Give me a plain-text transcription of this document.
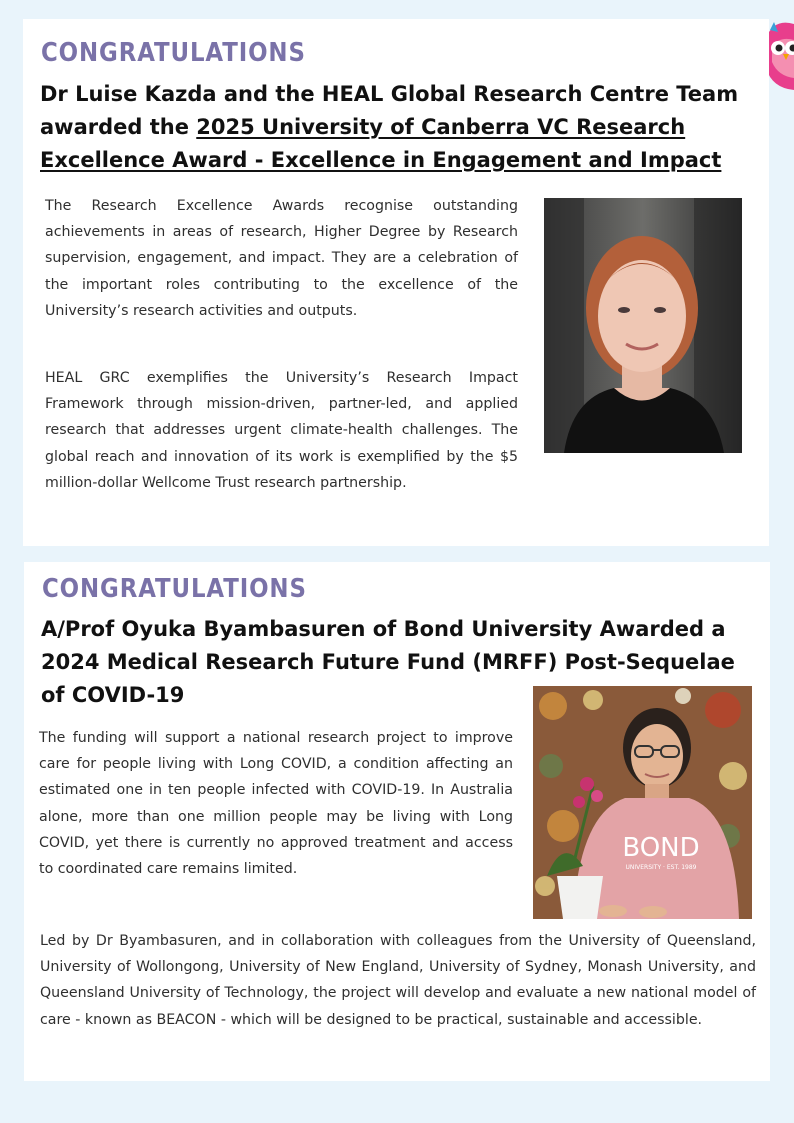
CONGRATULATIONS
Dr Luise Kazda and the HEAL Global Research Centre Team awarded the 2025 University of Canberra VC Research Excellence Award - Excellence in Engagement and Impact

The Research Excellence Awards recognise outstanding achievements in areas of research, Higher Degree by Research supervision, engagement, and impact. They are a celebration of the important roles contributing to the excellence of the University’s research activities and outputs.

HEAL GRC exemplifies the University’s Research Impact Framework through mission-driven, partner-led, and applied research that addresses urgent climate-health challenges. The global reach and innovation of its work is exemplified by the $5 million-dollar Wellcome Trust research partnership.

CONGRATULATIONS
A/Prof Oyuka Byambasuren of Bond University Awarded a 2024 Medical Research Future Fund (MRFF) Post-Sequelae of COVID-19

The funding will support a national research project to improve care for people living with Long COVID, a condition affecting an estimated one in ten people infected with COVID-19. In Australia alone, more than one million people may be living with Long COVID, yet there is currently no approved treatment and access to coordinated care remains limited.

BOND
UNIVERSITY · EST. 1989

Led by Dr Byambasuren, and in collaboration with colleagues from the University of Queensland, University of Wollongong, University of New England, University of Sydney, Monash University, and Queensland University of Technology, the project will develop and evaluate a new national model of care - known as BEACON - which will be designed to be practical, sustainable and accessible.
